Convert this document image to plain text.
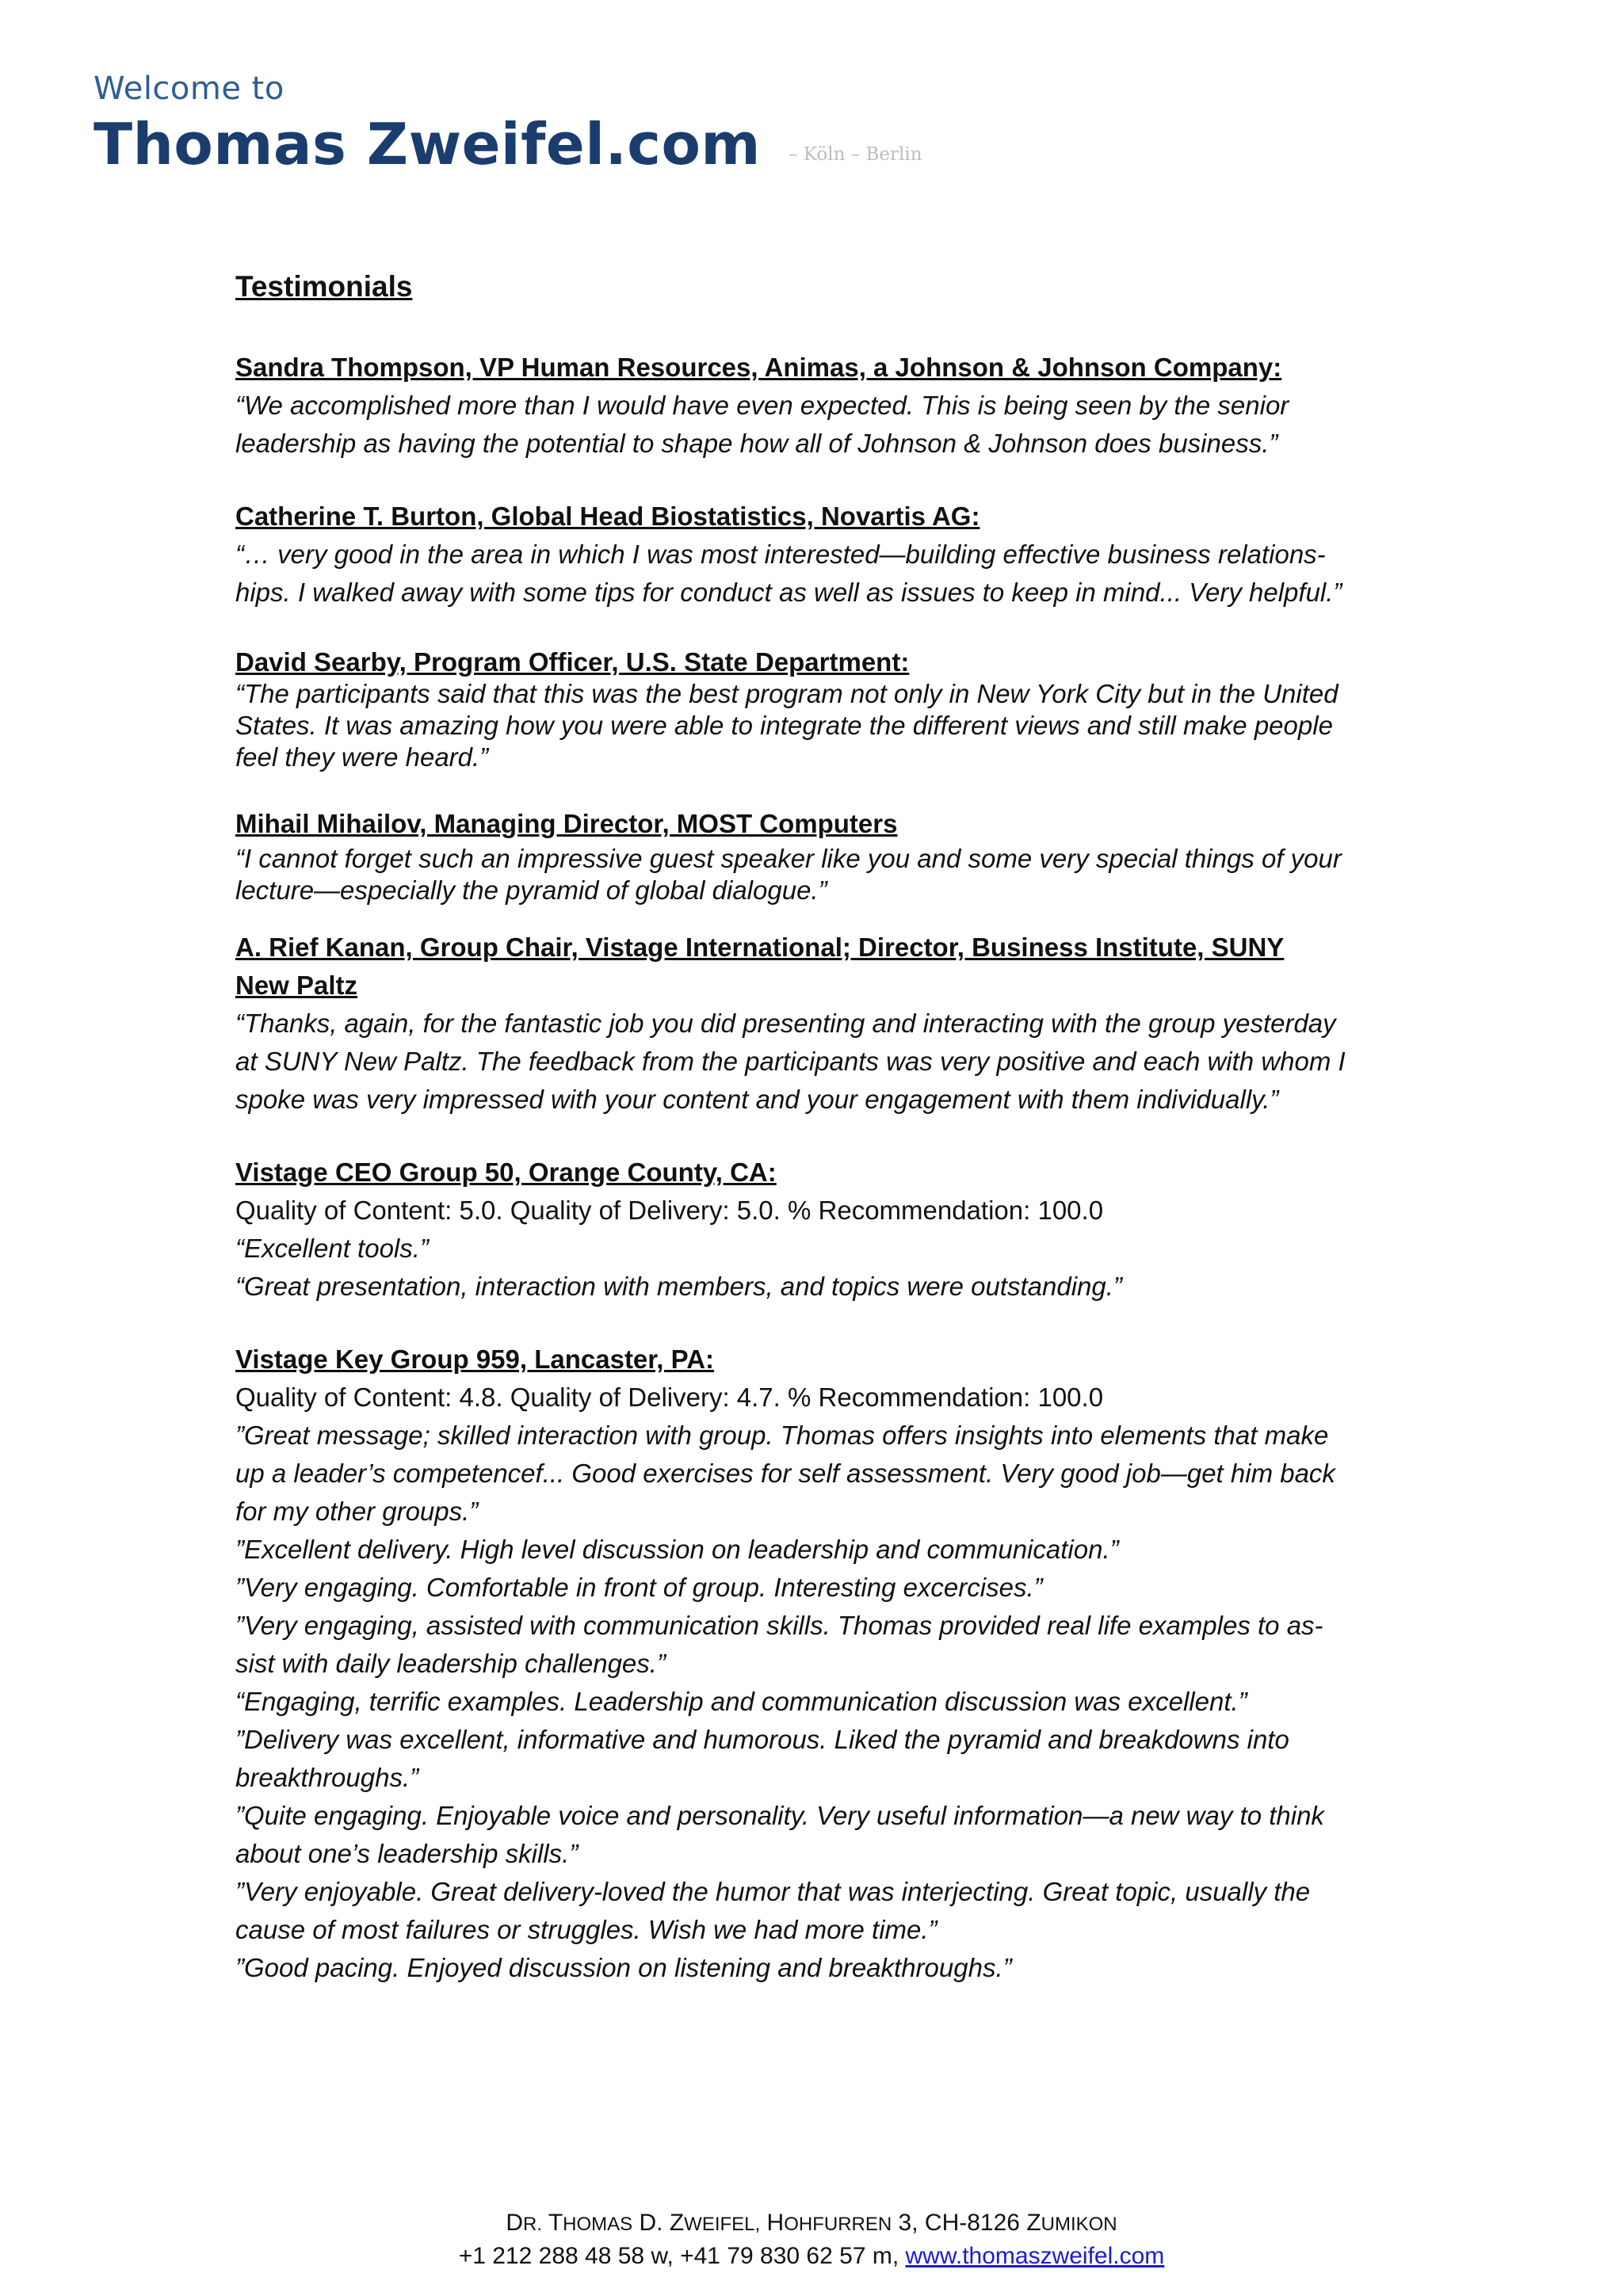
Welcome to
Thomas Zweifel.com – Köln – Berlin
Testimonials
Sandra Thompson, VP Human Resources, Animas, a Johnson & Johnson Company:
“We accomplished more than I would have even expected. This is being seen by the senior
leadership as having the potential to shape how all of Johnson & Johnson does business.”
Catherine T. Burton, Global Head Biostatistics, Novartis AG:
“… very good in the area in which I was most interested—building effective business relations-
hips. I walked away with some tips for conduct as well as issues to keep in mind... Very helpful.”
David Searby, Program Officer, U.S. State Department:
“The participants said that this was the best program not only in New York City but in the United
States. It was amazing how you were able to integrate the different views and still make people
feel they were heard.”
Mihail Mihailov, Managing Director, MOST Computers
“I cannot forget such an impressive guest speaker like you and some very special things of your
lecture—especially the pyramid of global dialogue.”
A. Rief Kanan, Group Chair, Vistage International; Director, Business Institute, SUNY
New Paltz
“Thanks, again, for the fantastic job you did presenting and interacting with the group yesterday
at SUNY New Paltz. The feedback from the participants was very positive and each with whom I
spoke was very impressed with your content and your engagement with them individually.”
Vistage CEO Group 50, Orange County, CA:
Quality of Content: 5.0. Quality of Delivery: 5.0. % Recommendation: 100.0
“Excellent tools.”
“Great presentation, interaction with members, and topics were outstanding.”
Vistage Key Group 959, Lancaster, PA:
Quality of Content: 4.8. Quality of Delivery: 4.7. % Recommendation: 100.0
”Great message; skilled interaction with group. Thomas offers insights into elements that make
up a leader’s competencef... Good exercises for self assessment. Very good job—get him back
for my other groups.”
”Excellent delivery. High level discussion on leadership and communication.”
”Very engaging. Comfortable in front of group. Interesting excercises.”
”Very engaging, assisted with communication skills. Thomas provided real life examples to as-
sist with daily leadership challenges.”
“Engaging, terrific examples. Leadership and communication discussion was excellent.”
”Delivery was excellent, informative and humorous. Liked the pyramid and breakdowns into
breakthroughs.”
”Quite engaging. Enjoyable voice and personality. Very useful information—a new way to think
about one’s leadership skills.”
”Very enjoyable. Great delivery-loved the humor that was interjecting. Great topic, usually the
cause of most failures or struggles. Wish we had more time.”
”Good pacing. Enjoyed discussion on listening and breakthroughs.”
DR. THOMAS D. ZWEIFEL, HOHFURREN 3, CH-8126 ZUMIKON
+1 212 288 48 58 w, +41 79 830 62 57 m, www.thomaszweifel.com
